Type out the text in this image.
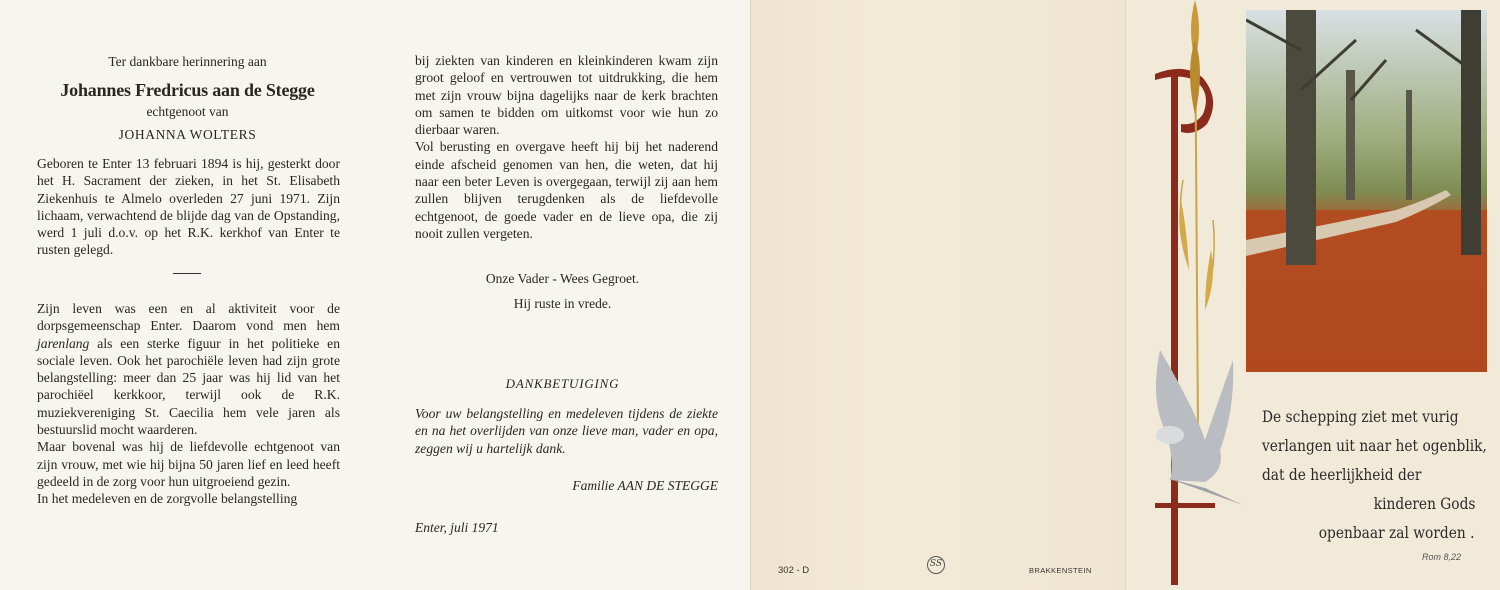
Ter dankbare herinnering aan
Johannes Fredricus aan de Stegge
echtgenoot van
JOHANNA WOLTERS
Geboren te Enter 13 februari 1894 is hij, gesterkt door het H. Sacrament der zieken, in het St. Elisabeth Ziekenhuis te Almelo overleden 27 juni 1971. Zijn lichaam, verwachtend de blijde dag van de Opstanding, werd 1 juli d.o.v. op het R.K. kerkhof van Enter te rusten gelegd.

Zijn leven was een en al aktiviteit voor de dorpsgemeenschap Enter. Daarom vond men hem jarenlang als een sterke figuur in het politieke en sociale leven. Ook het parochiële leven had zijn grote belangstelling: meer dan 25 jaar was hij lid van het parochiëel kerkkoor, terwijl ook de R.K. muziekvereniging St. Caecilia hem vele jaren als bestuurslid mocht waarderen.

Maar bovenal was hij de liefdevolle echtgenoot van zijn vrouw, met wie hij bijna 50 jaren lief en leed heeft gedeeld in de zorg voor hun uitgroeiend gezin.

In het medeleven en de zorgvolle belangstelling

bij ziekten van kinderen en kleinkinderen kwam zijn groot geloof en vertrouwen tot uitdrukking, die hem met zijn vrouw bijna dagelijks naar de kerk brachten om samen te bidden om uitkomst voor wie hun zo dierbaar waren.

Vol berusting en overgave heeft hij bij het naderend einde afscheid genomen van hen, die weten, dat hij naar een beter Leven is overgegaan, terwijl zij aan hem zullen blijven terugdenken als de liefdevolle echtgenoot, de goede vader en de lieve opa, die zij nooit zullen vergeten.

Onze Vader - Wees Gegroet.
Hij ruste in vrede.
DANKBETUIGING
Voor uw belangstelling en medeleven tijdens de ziekte en na het overlijden van onze lieve man, vader en opa, zeggen wij u hartelijk dank.
Familie AAN DE STEGGE
Enter, juli 1971
302 - D
SS
BRAKKENSTEIN
De schepping ziet met vurig
verlangen uit naar het ogenblik,
dat de heerlijkheid der
kinderen Gods
openbaar zal worden .
Rom 8,22
